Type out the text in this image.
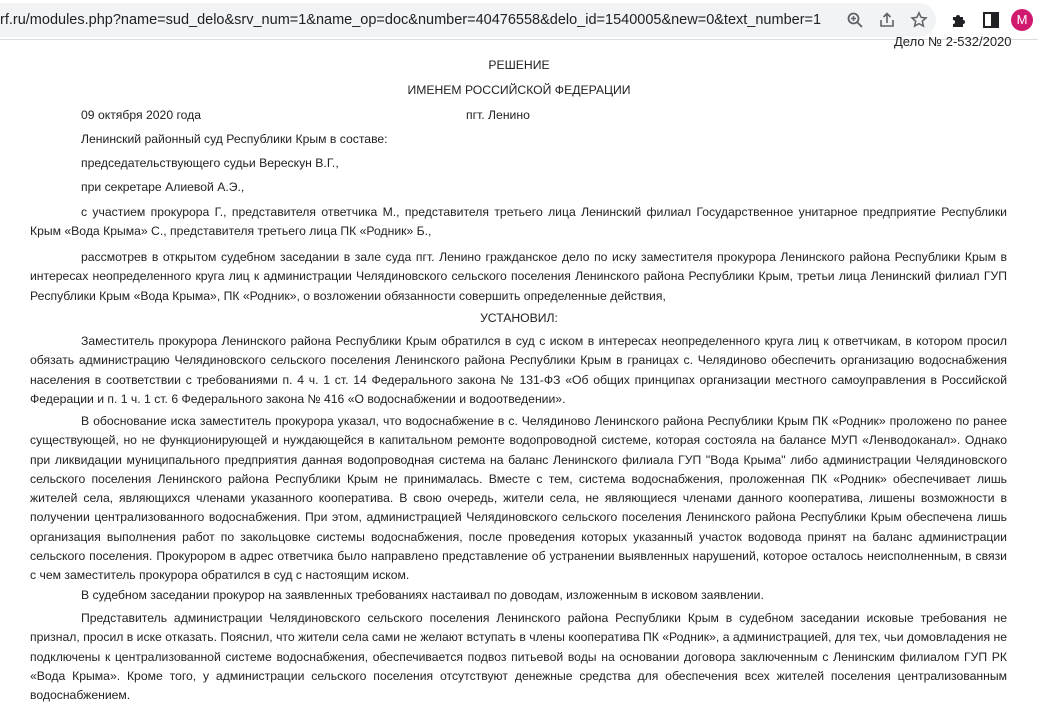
rf.ru/modules.php?name=sud_delo&srv_num=1&name_op=doc&number=40476558&delo_id=1540005&new=0&text_number=1	M
Дело № 2-532/2020
РЕШЕНИЕ
ИМЕНЕМ РОССИЙСКОЙ ФЕДЕРАЦИИ
09 октября 2020 года	пгт. Ленино
Ленинский районный суд Республики Крым в составе:
председательствующего судьи Верескун В.Г.,
при секретаре Алиевой А.Э.,
с участием прокурора Г., представителя ответчика М., представителя третьего лица Ленинский филиал Государственное унитарное предприятие Республики Крым «Вода Крыма» С., представителя третьего лица ПК «Родник» Б.,
рассмотрев в открытом судебном заседании в зале суда пгт. Ленино гражданское дело по иску заместителя прокурора Ленинского района Республики Крым в интересах неопределенного круга лиц к администрации Челядиновского сельского поселения Ленинского района Республики Крым, третьи лица Ленинский филиал ГУП Республики Крым «Вода Крыма», ПК «Родник», о возложении обязанности совершить определенные действия,
УСТАНОВИЛ:
Заместитель прокурора Ленинского района Республики Крым обратился в суд с иском в интересах неопределенного круга лиц к ответчикам, в котором просил обязать администрацию Челядиновского сельского поселения Ленинского района Республики Крым в границах с. Челядиново обеспечить организацию водоснабжения населения в соответствии с требованиями п. 4 ч. 1 ст. 14 Федерального закона № 131-ФЗ «Об общих принципах организации местного самоуправления в Российской Федерации и п. 1 ч. 1 ст. 6 Федерального закона № 416 «О водоснабжении и водоотведении».
В обоснование иска заместитель прокурора указал, что водоснабжение в с. Челядиново Ленинского района Республики Крым ПК «Родник» проложено по ранее существующей, но не функционирующей и нуждающейся в капитальном ремонте водопроводной системе, которая состояла на балансе МУП «Ленводоканал». Однако при ликвидации муниципального предприятия данная водопроводная система на баланс Ленинского филиала ГУП "Вода Крыма" либо администрации Челядиновского сельского поселения Ленинского района Республики Крым не принималась. Вместе с тем, система водоснабжения, проложенная ПК «Родник» обеспечивает лишь жителей села, являющихся членами указанного кооператива. В свою очередь, жители села, не являющиеся членами данного кооператива, лишены возможности в получении централизованного водоснабжения. При этом, администрацией Челядиновского сельского поселения Ленинского района Республики Крым обеспечена лишь организация выполнения работ по закольцовке системы водоснабжения, после проведения которых указанный участок водовода принят на баланс администрации сельского поселения. Прокурором в адрес ответчика было направлено представление об устранении выявленных нарушений, которое осталось неисполненным, в связи с чем заместитель прокурора обратился в суд с настоящим иском.
В судебном заседании прокурор на заявленных требованиях настаивал по доводам, изложенным в исковом заявлении.
Представитель администрации Челядиновского сельского поселения Ленинского района Республики Крым в судебном заседании исковые требования не признал, просил в иске отказать. Пояснил, что жители села сами не желают вступать в члены кооператива ПК «Родник», а администрацией, для тех, чьи домовладения не подключены к централизованной системе водоснабжения, обеспечивается подвоз питьевой воды на основании договора заключенным с Ленинским филиалом ГУП РК «Вода Крыма». Кроме того, у администрации сельского поселения отсутствуют денежные средства для обеспечения всех жителей поселения централизованным водоснабжением.
